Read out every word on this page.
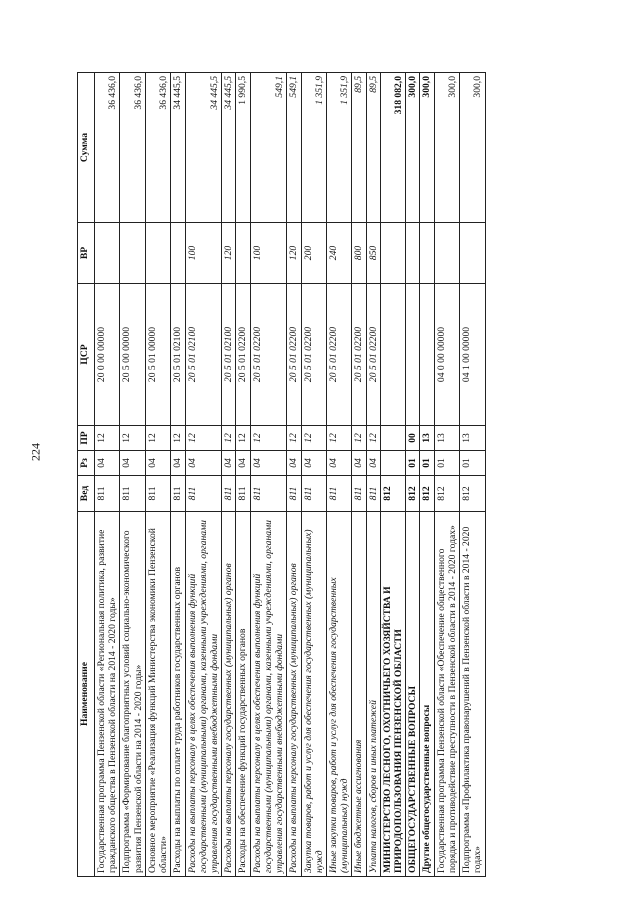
224
Наименование	Вед	Рз	ПР	ЦСР	ВР	Сумма
Государственная программа Пензенской области «Региональная политика, развитие гражданского общества в Пензенской области на 2014 - 2020 годы»	811	04	12	20 0 00 00000		36 436,0
Подпрограмма «Формирование благоприятных условий социально-экономического развития Пензенской области на 2014 - 2020 годы»	811	04	12	20 5 00 00000		36 436,0
Основное мероприятие «Реализация функций Министерства экономики Пензенской области»	811	04	12	20 5 01 00000		36 436,0
Расходы на выплаты по оплате труда работников государственных органов	811	04	12	20 5 01 02100		34 445,5
Расходы на выплаты персоналу в целях обеспечения выполнения функций государственными (муниципальными) органами, казенными учреждениями, органами управления государственными внебюджетными фондами	811	04	12	20 5 01 02100	100	34 445,5
Расходы на выплаты персоналу государственных (муниципальных) органов	811	04	12	20 5 01 02100	120	34 445,5
Расходы на обеспечение функций государственных органов	811	04	12	20 5 01 02200		1 990,5
Расходы на выплаты персоналу в целях обеспечения выполнения функций государственными (муниципальными) органами, казенными учреждениями, органами управления государственными внебюджетными фондами	811	04	12	20 5 01 02200	100	549,1
Расходы на выплаты персоналу государственных (муниципальных) органов	811	04	12	20 5 01 02200	120	549,1
Закупка товаров, работ и услуг для обеспечения государственных (муниципальных) нужд	811	04	12	20 5 01 02200	200	1 351,9
Иные закупки товаров, работ и услуг для обеспечения государственных (муниципальных) нужд	811	04	12	20 5 01 02200	240	1 351,9
Иные бюджетные ассигнования	811	04	12	20 5 01 02200	800	89,5
Уплата налогов, сборов и иных платежей	811	04	12	20 5 01 02200	850	89,5
МИНИСТЕРСТВО ЛЕСНОГО, ОХОТНИЧЬЕГО ХОЗЯЙСТВА И ПРИРОДОПОЛЬЗОВАНИЯ ПЕНЗЕНСКОЙ ОБЛАСТИ	812					318 082,0
ОБЩЕГОСУДАРСТВЕННЫЕ ВОПРОСЫ	812	01	00			300,0
Другие общегосударственные вопросы	812	01	13			300,0
Государственная программа Пензенской области «Обеспечение общественного порядка и противодействие преступности в Пензенской области в 2014 - 2020 годах»	812	01	13	04 0 00 00000		300,0
Подпрограмма «Профилактика правонарушений в Пензенской области в 2014 - 2020 годах»	812	01	13	04 1 00 00000		300,0
